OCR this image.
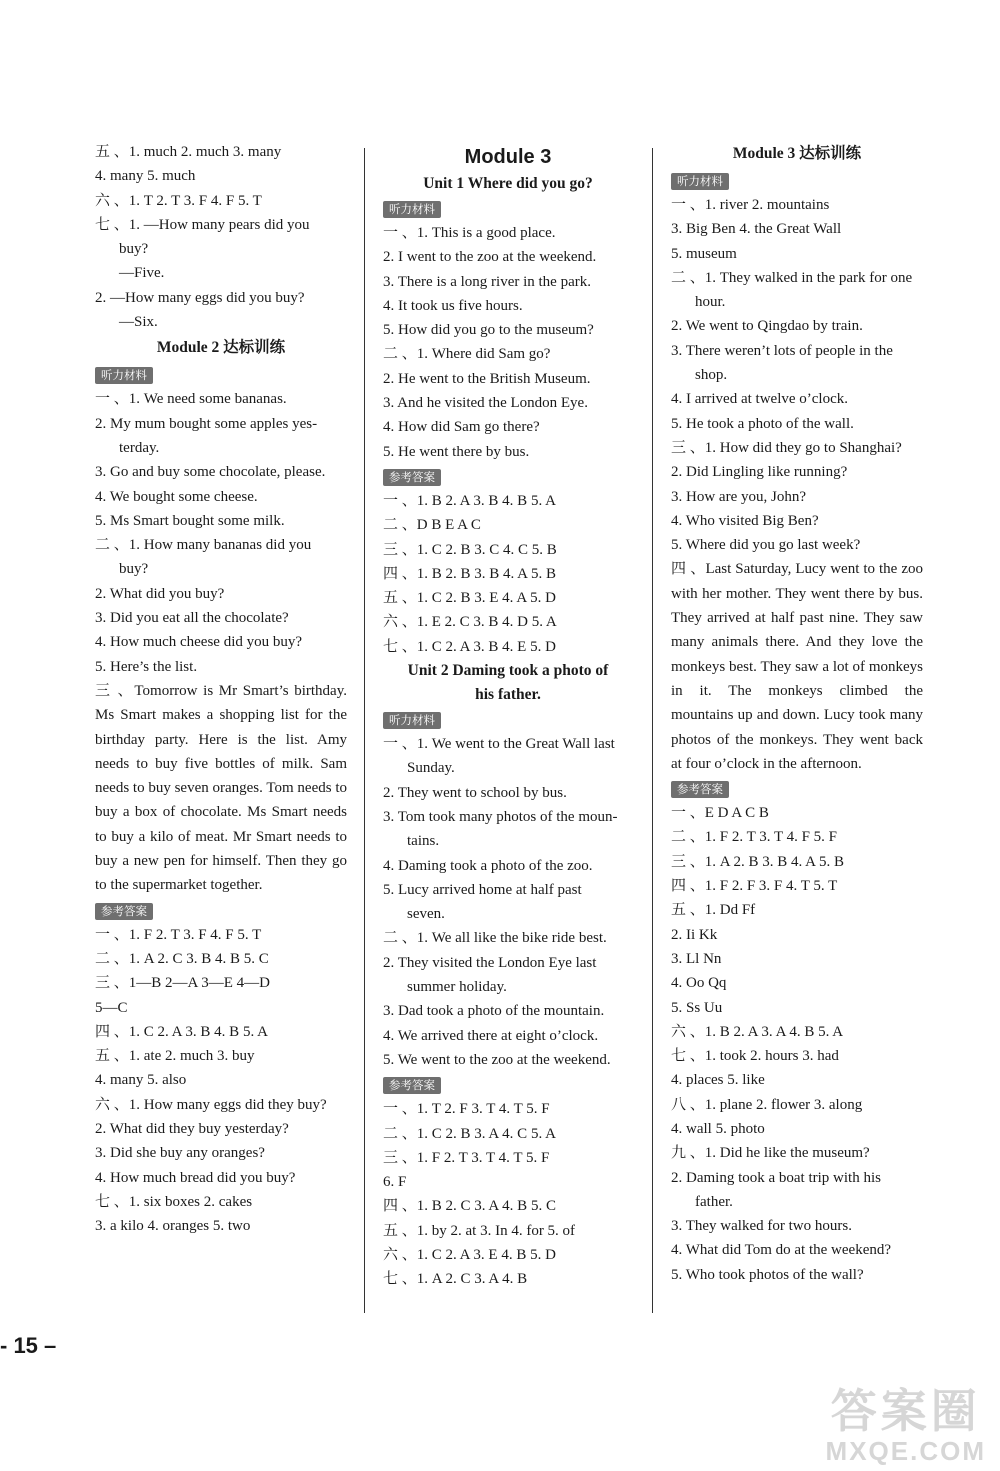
五 、1. much 2. much 3. many
4. many 5. much
六 、1. T 2. T 3. F 4. F 5. T
七 、1. —How many pears did you
buy?
—Five.
2. —How many eggs did you buy?
—Six.
Module 2 达标训练
听力材料
一 、1. We need some bananas.
2. My mum bought some apples yes-
terday.
3. Go and buy some chocolate, please.
4. We bought some cheese.
5. Ms Smart bought some milk.
二 、1. How many bananas did you
buy?
2. What did you buy?
3. Did you eat all the chocolate?
4. How much cheese did you buy?
5. Here’s the list.
三 、Tomorrow is Mr Smart’s birthday. Ms Smart makes a shopping list for the birthday party. Here is the list. Amy needs to buy five bottles of milk. Sam needs to buy seven oranges. Tom needs to buy a box of chocolate. Ms Smart needs to buy a kilo of meat. Mr Smart needs to buy a new pen for himself. Then they go to the supermarket together.
参考答案
一 、1. F 2. T 3. F 4. F 5. T
二 、1. A 2. C 3. B 4. B 5. C
三 、1—B 2—A 3—E 4—D
5—C
四 、1. C 2. A 3. B 4. B 5. A
五 、1. ate 2. much 3. buy
4. many 5. also
六 、1. How many eggs did they buy?
2. What did they buy yesterday?
3. Did she buy any oranges?
4. How much bread did you buy?
七 、1. six boxes 2. cakes
3. a kilo 4. oranges 5. two
Module 3
Unit 1 Where did you go?
听力材料
一 、1. This is a good place.
2. I went to the zoo at the weekend.
3. There is a long river in the park.
4. It took us five hours.
5. How did you go to the museum?
二 、1. Where did Sam go?
2. He went to the British Museum.
3. And he visited the London Eye.
4. How did Sam go there?
5. He went there by bus.
参考答案
一 、1. B 2. A 3. B 4. B 5. A
二 、D B E A C
三 、1. C 2. B 3. C 4. C 5. B
四 、1. B 2. B 3. B 4. A 5. B
五 、1. C 2. B 3. E 4. A 5. D
六 、1. E 2. C 3. B 4. D 5. A
七 、1. C 2. A 3. B 4. E 5. D
Unit 2 Daming took a photo of
his father.
听力材料
一 、1. We went to the Great Wall last
Sunday.
2. They went to school by bus.
3. Tom took many photos of the moun-
tains.
4. Daming took a photo of the zoo.
5. Lucy arrived home at half past
seven.
二 、1. We all like the bike ride best.
2. They visited the London Eye last
summer holiday.
3. Dad took a photo of the mountain.
4. We arrived there at eight o’clock.
5. We went to the zoo at the weekend.
参考答案
一 、1. T 2. F 3. T 4. T 5. F
二 、1. C 2. B 3. A 4. C 5. A
三 、1. F 2. T 3. T 4. T 5. F
6. F
四 、1. B 2. C 3. A 4. B 5. C
五 、1. by 2. at 3. In 4. for 5. of
六 、1. C 2. A 3. E 4. B 5. D
七 、1. A 2. C 3. A 4. B
Module 3 达标训练
听力材料
一 、1. river 2. mountains
3. Big Ben 4. the Great Wall
5. museum
二 、1. They walked in the park for one
hour.
2. We went to Qingdao by train.
3. There weren’t lots of people in the
shop.
4. I arrived at twelve o’clock.
5. He took a photo of the wall.
三 、1. How did they go to Shanghai?
2. Did Lingling like running?
3. How are you, John?
4. Who visited Big Ben?
5. Where did you go last week?
四 、Last Saturday, Lucy went to the zoo with her mother. They went there by bus. They arrived at half past nine. They saw many animals there. And they love the monkeys best. They saw a lot of monkeys in it. The monkeys climbed the mountains up and down. Lucy took many photos of the monkeys. They went back at four o’clock in the afternoon.
参考答案
一 、E D A C B
二 、1. F 2. T 3. T 4. F 5. F
三 、1. A 2. B 3. B 4. A 5. B
四 、1. F 2. F 3. F 4. T 5. T
五 、1. Dd Ff
2. Ii Kk
3. Ll Nn
4. Oo Qq
5. Ss Uu
六 、1. B 2. A 3. A 4. B 5. A
七 、1. took 2. hours 3. had
4. places 5. like
八 、1. plane 2. flower 3. along
4. wall 5. photo
九 、1. Did he like the museum?
2. Daming took a boat trip with his
father.
3. They walked for two hours.
4. What did Tom do at the weekend?
5. Who took photos of the wall?
- 15 –
答案圈
MXQE.COM
